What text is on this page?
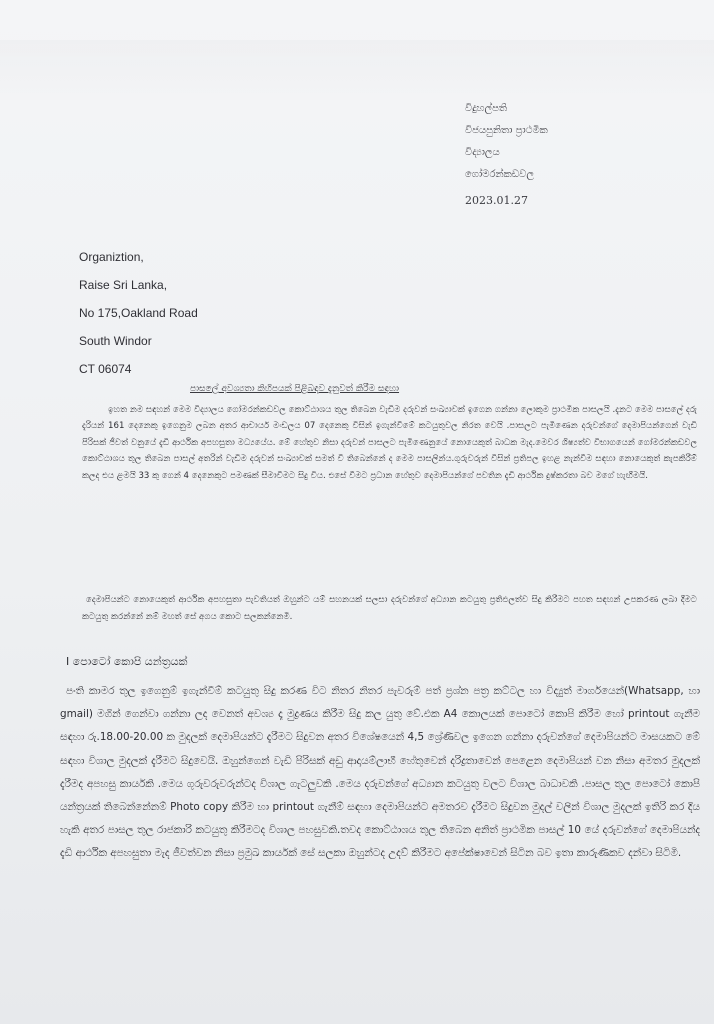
විදුහල්පති
විජයපුනිතා ප්‍රාථමික
විද්‍යාලය
ගෝමරන්කඩවල
2023.01.27
Organiztion,
Raise Sri Lanka,
No 175,Oakland Road
South Windor
CT 06074
පාසලේ අවශ්‍යතා කිහිපයක් පිළිබඳව දැනුවත් කිරීම සඳහා
ඉහත නම සඳහන් මෙම විද්‍යාලය ගෝමරන්කඩවල කොට්ඨාශය තුල තිබෙන වැඩිම දරුවන් සංඛ්‍යාවක් ඉගෙන ගන්නා ලොකුම ප්‍රාථමික පාසලයි .දැනට මෙම පාසලේ දරු දැරියන් 161 දෙනෙකු ඉගෙනුම ලබන අතර ආචාර්ය මංඩලය 07 දෙනෙකු විසින් ඉගැන්වීමේ කටයුතුවල නිරත වෙයි .පාසලට පැමිණෙන දරුවන්ගේ දෙමාපියන්ගෙන් වැඩි පිරිසක් ජීවත් වනුයේ දැඩි ආර්ථික අපහසුතා මධ්‍යයේය. මේ හේතුව නිසා දරුවන් පාසලට පැමිණෙනුයේ නොයෙකුත් බාධක මැද.මෙවර ශිෂ්‍යත්ව විභාගයෙන් ගෝමරන්කඩවල කොට්ඨාශය තුල තිබෙන පාසල් අතරින් වැඩිම දරුවන් සංඛ්‍යාවක් සමත් වී තිබෙන්නේ ද මෙම පාසලින්ය.ගුරුවරුන් විසින් ප්‍රතිපල ඉහළ නැන්වීම සඳහා නොයෙකුත් කැපකිරීම් කලද එය ළමයි 33 කු ගෙන් 4 දෙනෙකුට පමණක් සීමාවීමට සිදු විය. එසේ වීමට ප්‍රධාන හේතුව දෙමාපියන්ගේ පවතින දැඩි ආර්ථික දුෂ්කරතා බව මගේ හැඟීමයි.
දෙමාපියන්ට නොයෙකුත් ආර්ථික අපහසුතා පැවතියත් ඔහුන්ට යම් සහනයක් සලසා දරුවන්ගේ අධ්‍යාන කටයුතු ප්‍රතිඵලත්ව සිදු කිරීමට පහත සඳහන් උපකරණ ලබා දීමට කටයුතු කරන්නේ නම් මහත් සේ අගය කොට සලකන්නෙමි.
I පොටෝ කොපි යන්ත්‍රයක්
පංති කාමර තුල ඉගෙනුම් ඉගැන්වීම් කටයුතු සිදු කරණ විට නිතර නිතර පැවරුම් පත් ප්‍රශ්න පත්‍ර කට්ටල හා විද්‍යුත් මාර්ගයෙන්(Whatsapp, හා gmail) මගින් ගෙන්වා ගන්නා ලද වෙනත් අවශ්‍ය දෑ මුද්‍රණය කිරීම සිදු කල යුතු වේ.එක A4 කොලයක් පොටෝ කොපි කිරීම හෝ printout ගැනීම සඳහා රු.18.00-20.00 ක මුදලක් දෙමාපියන්ට දැරීමට සිදුවන අතර විශේෂයෙන් 4,5 ශ්‍රේණිවල ඉගෙන ගන්නා දරුවන්ගේ දෙමාපියන්ට මාසයකට මේ සඳහා විශාල මුදලක් දැරීමට සිදුවෙයි. ඔහුන්ගෙන් වැඩි පිරිසක් අඩු ආදායම්ලාභී හේතුවෙන් දරිද්‍රතාවෙන් පෙළෙන දෙමාපියන් වන නිසා අමතර මුදලක් දැරීමද අපහසු කාර්යකි .මෙය ගුරුවරුවරුන්ටද විශාල ගැටලුවකි .මෙය දරුවන්ගේ අධ්‍යාන කටයුතු වලට විශාල බාධාවකි .පාසල තුල පොටෝ කොපි යන්ත්‍රයක් තිබෙන්නේනම් Photo copy කිරීම හා printout ගැනීම් සඳහා දෙමාපියන්ට අමතරව දැරීමට සිදුවන මුදල් වලින් විශාල මුදලක් ඉතිරි කර දිය හැකි අතර පාසල තුල රාජකාරි කටයුතු කිරීමටද විශාල පහසුවකි.තවද කොට්ඨාශය තුල තිබෙන අනිත් ප්‍රාථමික පාසල් 10 යේ දරුවන්ගේ දෙමාපියන්ද දැඩි ආර්ථික අපහසුතා මැද ජීවත්වන නිසා ප්‍රමුඛ කාර්යක් සේ සලකා ඔහුන්ටද උදව් කිරීමට අපේක්ෂාවෙන් සිටින බව ඉතා කාරුණිකව දන්වා සිටිමි.
